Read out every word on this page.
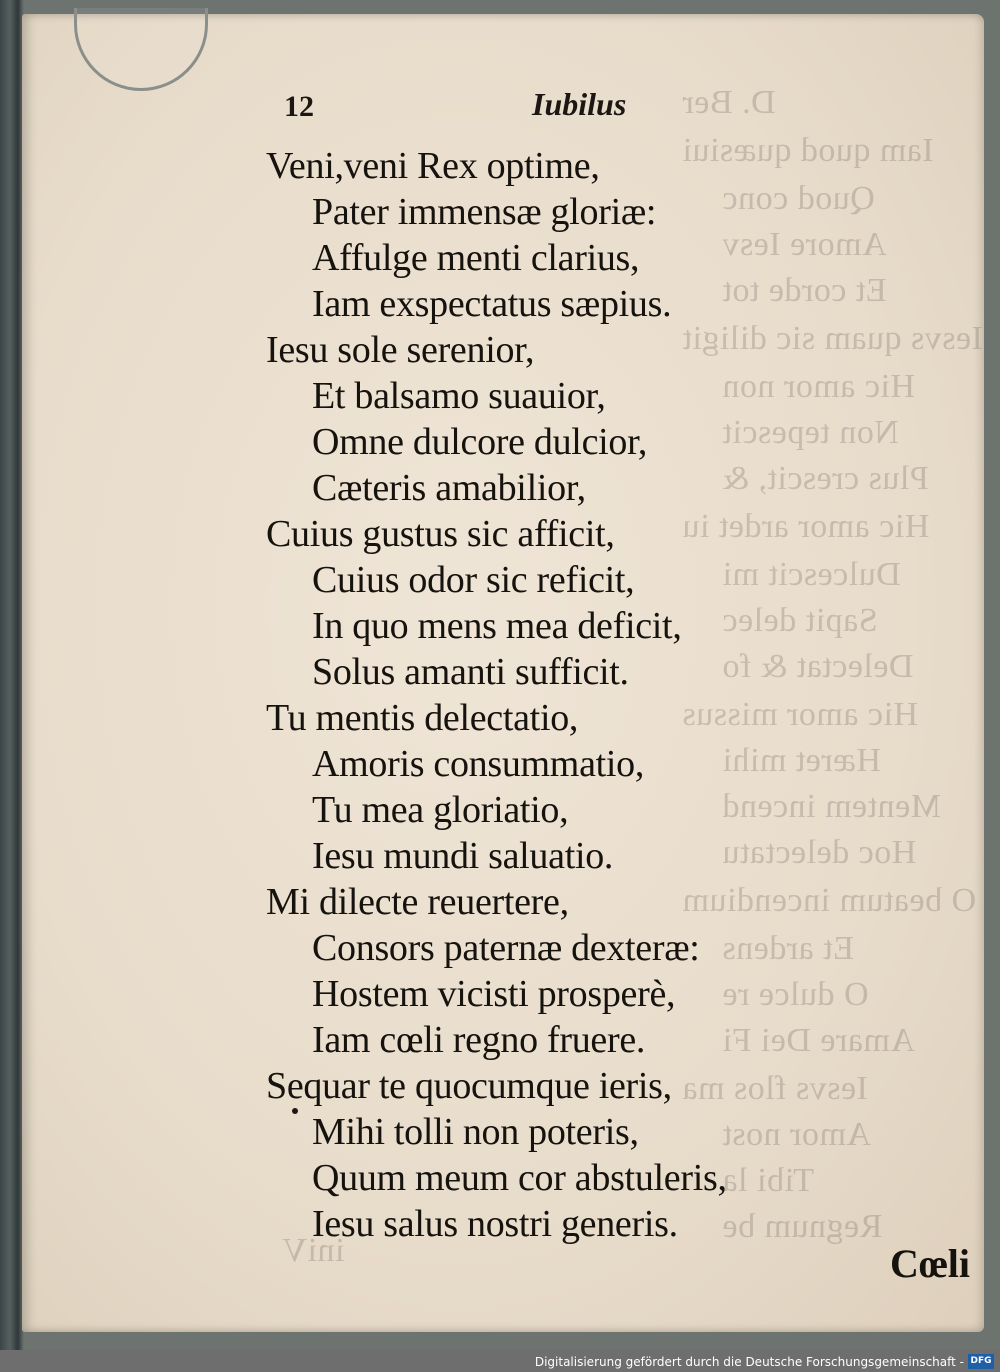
D. Ber
Iam quod quæsiui
Quod conc
Amore Iesv
Et corde tot
Iesvs quam sic diligit
Hic amor non
Non tepescit
Plus crescit, &
Hic amor ardet iu
Dulcescit mi
Sapit delec
Delectat & fo
Hic amor missus
Hæret mihi
Mentem incend
Hoc delectatu
O beatum incendium
Et ardens
O dulce re
Amare Dei Fi
Iesvs flos ma
Amor nost
Tibi la
Regnum be
iniV
12	Iubilus
Veni,veni Rex optime,
Pater immensæ gloriæ:
Affulge menti clarius,
Iam exspectatus sæpius.
Iesu sole serenior,
Et balsamo suauior,
Omne dulcore dulcior,
Cæteris amabilior,
Cuius gustus sic afficit,
Cuius odor sic reficit,
In quo mens mea deficit,
Solus amanti sufficit.
Tu mentis delectatio,
Amoris consummatio,
Tu mea gloriatio,
Iesu mundi saluatio.
Mi dilecte reuertere,
Consors paternæ dexteræ:
Hostem vicisti prosperè,
Iam cœli regno fruere.
Sequar te quocumque ieris,
Mihi tolli non poteris,
Quum meum cor abstuleris,
Iesu salus nostri generis.
Cœli
Digitalisierung gefördert durch die Deutsche Forschungsgemeinschaft - DFG
